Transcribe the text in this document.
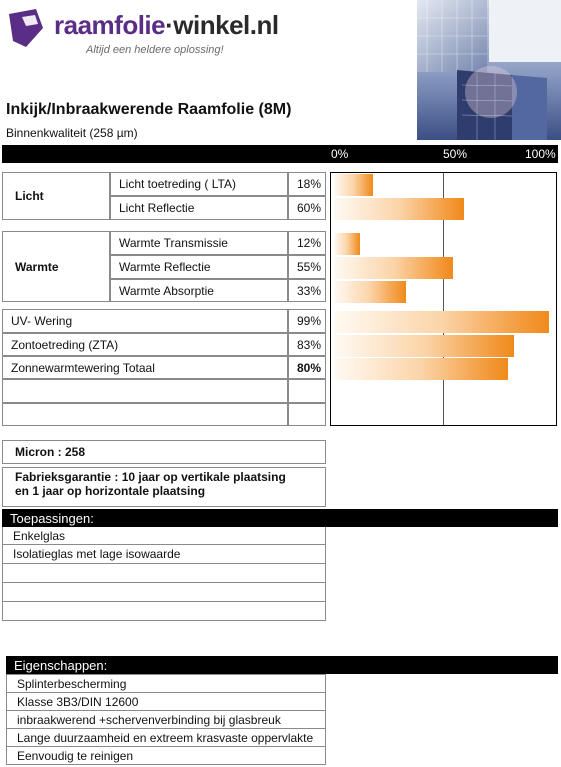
raamfolie·winkel.nl
Altijd een heldere oplossing!
Inkijk/Inbraakwerende Raamfolie (8M)
Binnenkwaliteit (258 µm)
0%	50%	100%
Licht
Licht toetreding ( LTA)	18%
Licht Reflectie	60%
Warmte
Warmte Transmissie	12%
Warmte Reflectie	55%
Warmte Absorptie	33%
UV- Wering	99%
Zontoetreding (ZTA)	83%
Zonnewarmtewering Totaal	80%
Micron : 258
Fabrieksgarantie : 10 jaar op vertikale plaatsing
en 1 jaar op horizontale plaatsing
Toepassingen:
Enkelglas
Isolatieglas met lage isowaarde
Eigenschappen:
Splinterbescherming
Klasse 3B3/DIN 12600
inbraakwerend +schervenverbinding bij glasbreuk
Lange duurzaamheid en extreem krasvaste oppervlakte
Eenvoudig te reinigen
